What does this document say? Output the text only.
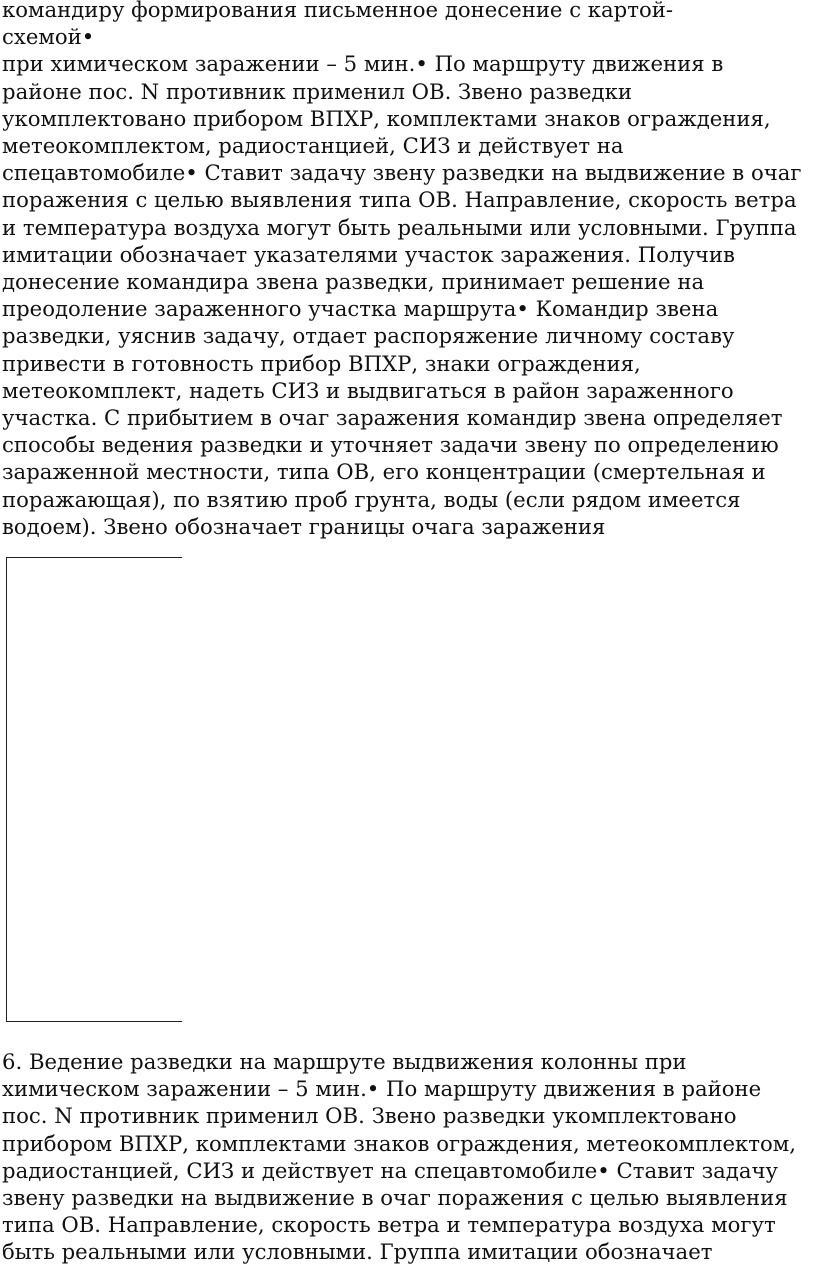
командиру формирования письменное донесение с картой-
схемой•
при химическом заражении – 5 мин.• По маршруту движения в
районе пос. N противник применил ОВ. Звено разведки
укомплектовано прибором ВПХР, комплектами знаков ограждения,
метеокомплектом, радиостанцией, СИЗ и действует на
спецавтомобиле• Ставит задачу звену разведки на выдвижение в очаг
поражения с целью выявления типа ОВ. Направление, скорость ветра
и температура воздуха могут быть реальными или условными. Группа
имитации обозначает указателями участок заражения. Получив
донесение командира звена разведки, принимает решение на
преодоление зараженного участка маршрута• Командир звена
разведки, уяснив задачу, отдает распоряжение личному составу
привести в готовность прибор ВПХР, знаки ограждения,
метеокомплект, надеть СИЗ и выдвигаться в район зараженного
участка. С прибытием в очаг заражения командир звена определяет
способы ведения разведки и уточняет задачи звену по определению
зараженной местности, типа ОВ, его концентрации (смертельная и
поражающая), по взятию проб грунта, воды (если рядом имеется
водоем). Звено обозначает границы очага заражения
6. Ведение разведки на маршруте выдвижения колонны при
химическом заражении – 5 мин.• По маршруту движения в районе
пос. N противник применил ОВ. Звено разведки укомплектовано
прибором ВПХР, комплектами знаков ограждения, метеокомплектом,
радиостанцией, СИЗ и действует на спецавтомобиле• Ставит задачу
звену разведки на выдвижение в очаг поражения с целью выявления
типа ОВ. Направление, скорость ветра и температура воздуха могут
быть реальными или условными. Группа имитации обозначает
